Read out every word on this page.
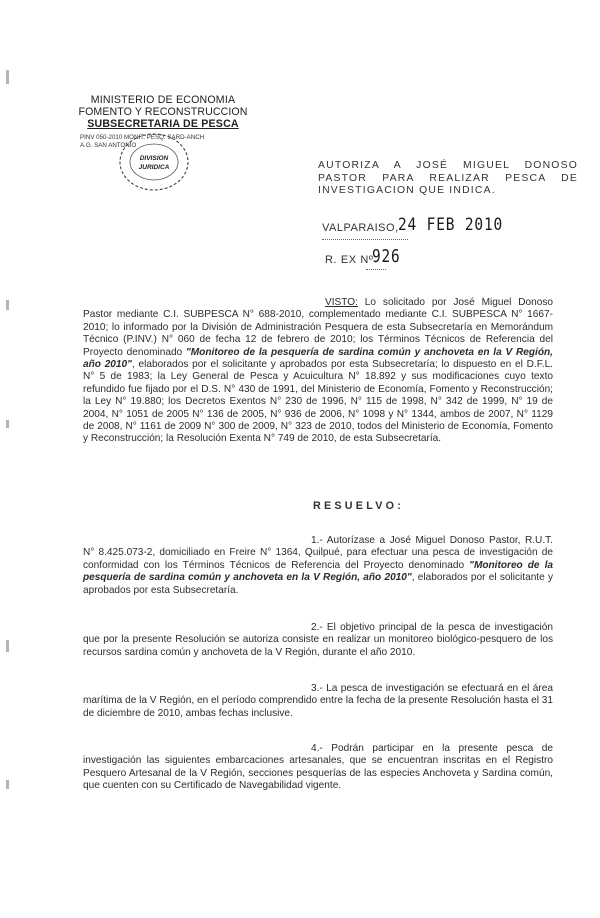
MINISTERIO DE ECONOMIA
FOMENTO Y RECONSTRUCCION
SUBSECRETARIA DE PESCA
PINV 050-2010 MONIT. PESQ. SARD-ANCH
A.G. SAN ANTONIO
DIVISION
JURIDICA	AUTORIZA A JOSÉ MIGUEL DONOSO PASTOR PARA REALIZAR PESCA DE INVESTIGACION QUE INDICA.
VALPARAISO, 24 FEB 2010
R. EX Nº
926
VISTO: Lo solicitado por José Miguel Donoso Pastor mediante C.I. SUBPESCA N° 688-2010, complementado mediante C.I. SUBPESCA N° 1667-2010; lo informado por la División de Administración Pesquera de esta Subsecretaría en Memorándum Técnico (P.INV.) N° 060 de fecha 12 de febrero de 2010; los Términos Técnicos de Referencia del Proyecto denominado "Monitoreo de la pesquería de sardina común y anchoveta en la V Región, año 2010", elaborados por el solicitante y aprobados por esta Subsecretaría; lo dispuesto en el D.F.L. N° 5 de 1983; la Ley General de Pesca y Acuicultura N° 18.892 y sus modificaciones cuyo texto refundido fue fijado por el D.S. N° 430 de 1991, del Ministerio de Economía, Fomento y Reconstrucción; la Ley N° 19.880; los Decretos Exentos N° 230 de 1996, N° 115 de 1998, N° 342 de 1999, N° 19 de 2004, N° 1051 de 2005 N° 136 de 2005, N° 936 de 2006, N° 1098 y N° 1344, ambos de 2007, N° 1129 de 2008, N° 1161 de 2009 N° 300 de 2009, N° 323 de 2010, todos del Ministerio de Economía, Fomento y Reconstrucción; la Resolución Exenta N° 749 de 2010, de esta Subsecretaría.
RESUELVO:
1.- Autorízase a José Miguel Donoso Pastor, R.U.T. N° 8.425.073-2, domiciliado en Freire N° 1364, Quilpué, para efectuar una pesca de investigación de conformidad con los Términos Técnicos de Referencia del Proyecto denominado "Monitoreo de la pesquería de sardina común y anchoveta en la V Región, año 2010", elaborados por el solicitante y aprobados por esta Subsecretaría.
2.- El objetivo principal de la pesca de investigación que por la presente Resolución se autoriza consiste en realizar un monitoreo biológico-pesquero de los recursos sardina común y anchoveta de la V Región, durante el año 2010.
3.- La pesca de investigación se efectuará en el área marítima de la V Región, en el período comprendido entre la fecha de la presente Resolución hasta el 31 de diciembre de 2010, ambas fechas inclusive.
4.- Podrán participar en la presente pesca de investigación las siguientes embarcaciones artesanales, que se encuentran inscritas en el Registro Pesquero Artesanal de la V Región, secciones pesquerías de las especies Anchoveta y Sardina común, que cuenten con su Certificado de Navegabilidad vigente.
